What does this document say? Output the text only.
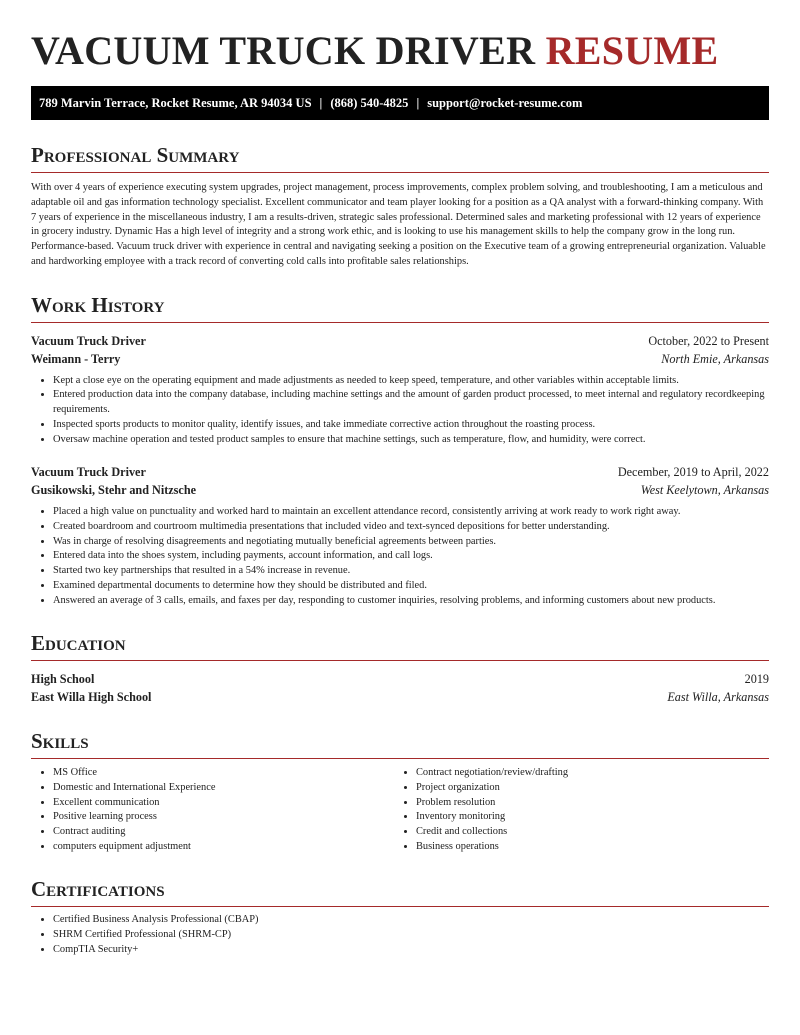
VACUUM TRUCK DRIVER RESUME
789 Marvin Terrace, Rocket Resume, AR 94034 US | (868) 540-4825 | support@rocket-resume.com
Professional Summary

With over 4 years of experience executing system upgrades, project management, process improvements, complex problem solving, and troubleshooting, I am a meticulous and adaptable oil and gas information technology specialist. Excellent communicator and team player looking for a position as a QA analyst with a forward-thinking company. With 7 years of experience in the miscellaneous industry, I am a results-driven, strategic sales professional. Determined sales and marketing professional with 12 years of experience in grocery industry. Dynamic Has a high level of integrity and a strong work ethic, and is looking to use his management skills to help the company grow in the long run. Performance-based. Vacuum truck driver with experience in central and navigating seeking a position on the Executive team of a growing entrepreneurial organization. Valuable and hardworking employee with a track record of converting cold calls into profitable sales relationships.

Work History
Vacuum Truck Driver	October, 2022 to Present
Weimann - Terry	North Emie, Arkansas
• Kept a close eye on the operating equipment and made adjustments as needed to keep speed, temperature, and other variables within acceptable limits.
• Entered production data into the company database, including machine settings and the amount of garden product processed, to meet internal and regulatory recordkeeping requirements.
• Inspected sports products to monitor quality, identify issues, and take immediate corrective action throughout the roasting process.
• Oversaw machine operation and tested product samples to ensure that machine settings, such as temperature, flow, and humidity, were correct.
Vacuum Truck Driver	December, 2019 to April, 2022
Gusikowski, Stehr and Nitzsche	West Keelytown, Arkansas
• Placed a high value on punctuality and worked hard to maintain an excellent attendance record, consistently arriving at work ready to work right away.
• Created boardroom and courtroom multimedia presentations that included video and text-synced depositions for better understanding.
• Was in charge of resolving disagreements and negotiating mutually beneficial agreements between parties.
• Entered data into the shoes system, including payments, account information, and call logs.
• Started two key partnerships that resulted in a 54% increase in revenue.
• Examined departmental documents to determine how they should be distributed and filed.
• Answered an average of 3 calls, emails, and faxes per day, responding to customer inquiries, resolving problems, and informing customers about new products.
Education
High School	2019
East Willa High School	East Willa, Arkansas
Skills
• MS Office
• Domestic and International Experience
• Excellent communication
• Positive learning process
• Contract auditing
• computers equipment adjustment
• Contract negotiation/review/drafting
• Project organization
• Problem resolution
• Inventory monitoring
• Credit and collections
• Business operations
Certifications
• Certified Business Analysis Professional (CBAP)
• SHRM Certified Professional (SHRM-CP)
• CompTIA Security+
